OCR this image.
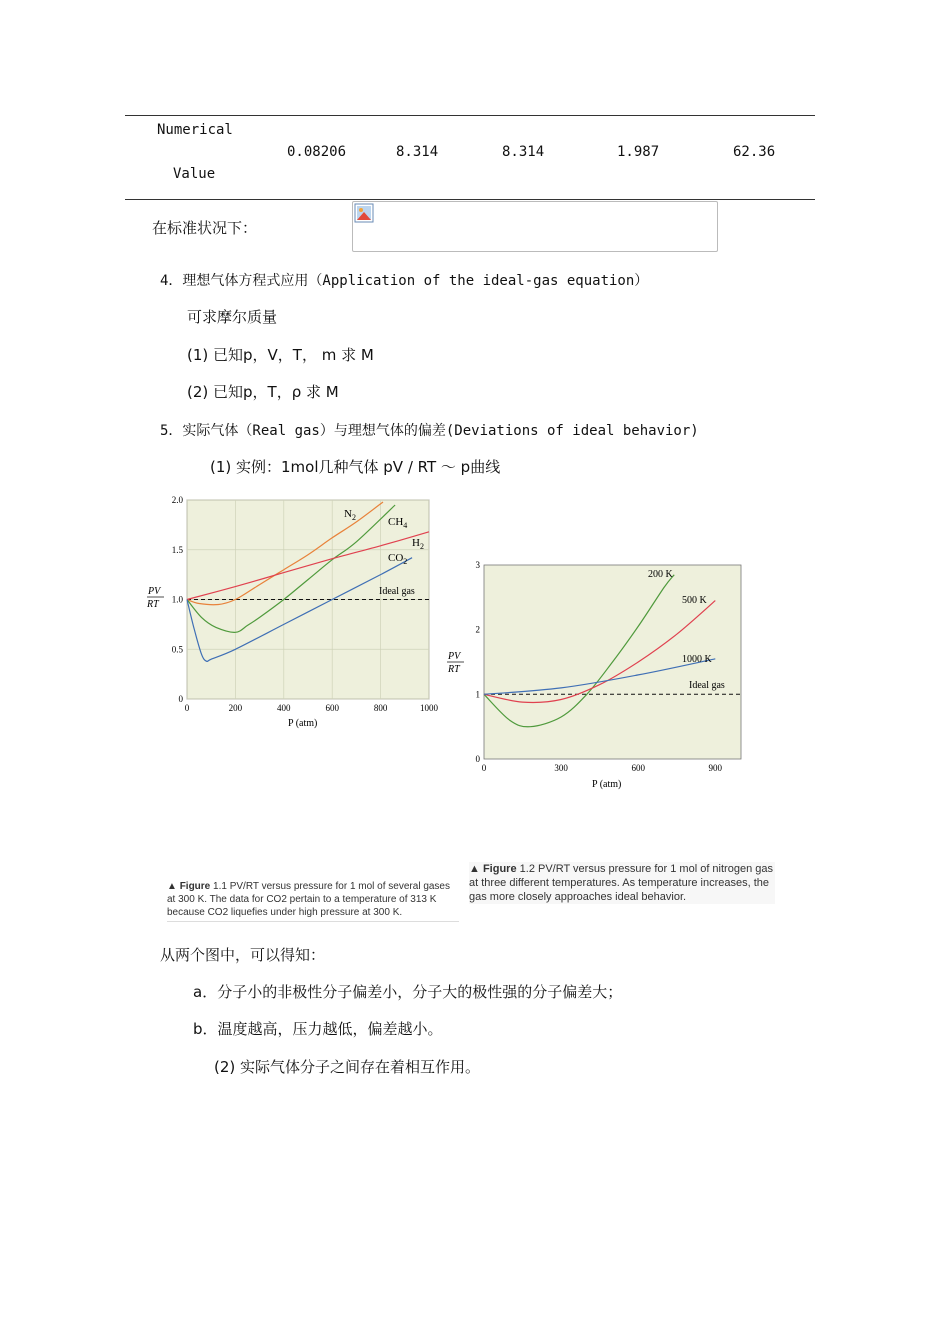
Numerical
Value
0.08206	8.314	8.314	1.987	62.36
在标准状况下：
4．理想气体方程式应用（Application of the ideal-gas equation）
可求摩尔质量
(1) 已知p，V，T， m 求 M
(2) 已知p，T，ρ 求 M
5．实际气体（Real gas）与理想气体的偏差(Deviations of ideal behavior)
(1) 实例：1mol几种气体 pV / RT ～ p曲线
0	200	400	600	800	1000
0
0.5
1.0
1.5
2.0
Ideal gas
$N_2$	$CH_4$
$H_2$
$CO_2$
PV
RT
P (atm)
0	300	600	900
0
1
2
3
Ideal gas
200 K
500 K
1000 K
PV
RT
P (atm)
▲ Figure 1.1 PV/RT versus pressure for 1 mol of several gases at 300 K. The data for CO2 pertain to a temperature of 313 K because CO2 liquefies under high pressure at 300 K.
▲ Figure 1.2 PV/RT versus pressure for 1 mol of nitrogen gas at three different temperatures. As temperature increases, the gas more closely approaches ideal behavior.
从两个图中，可以得知：
a．分子小的非极性分子偏差小，分子大的极性强的分子偏差大；
b．温度越高，压力越低，偏差越小。
(2) 实际气体分子之间存在着相互作用。
